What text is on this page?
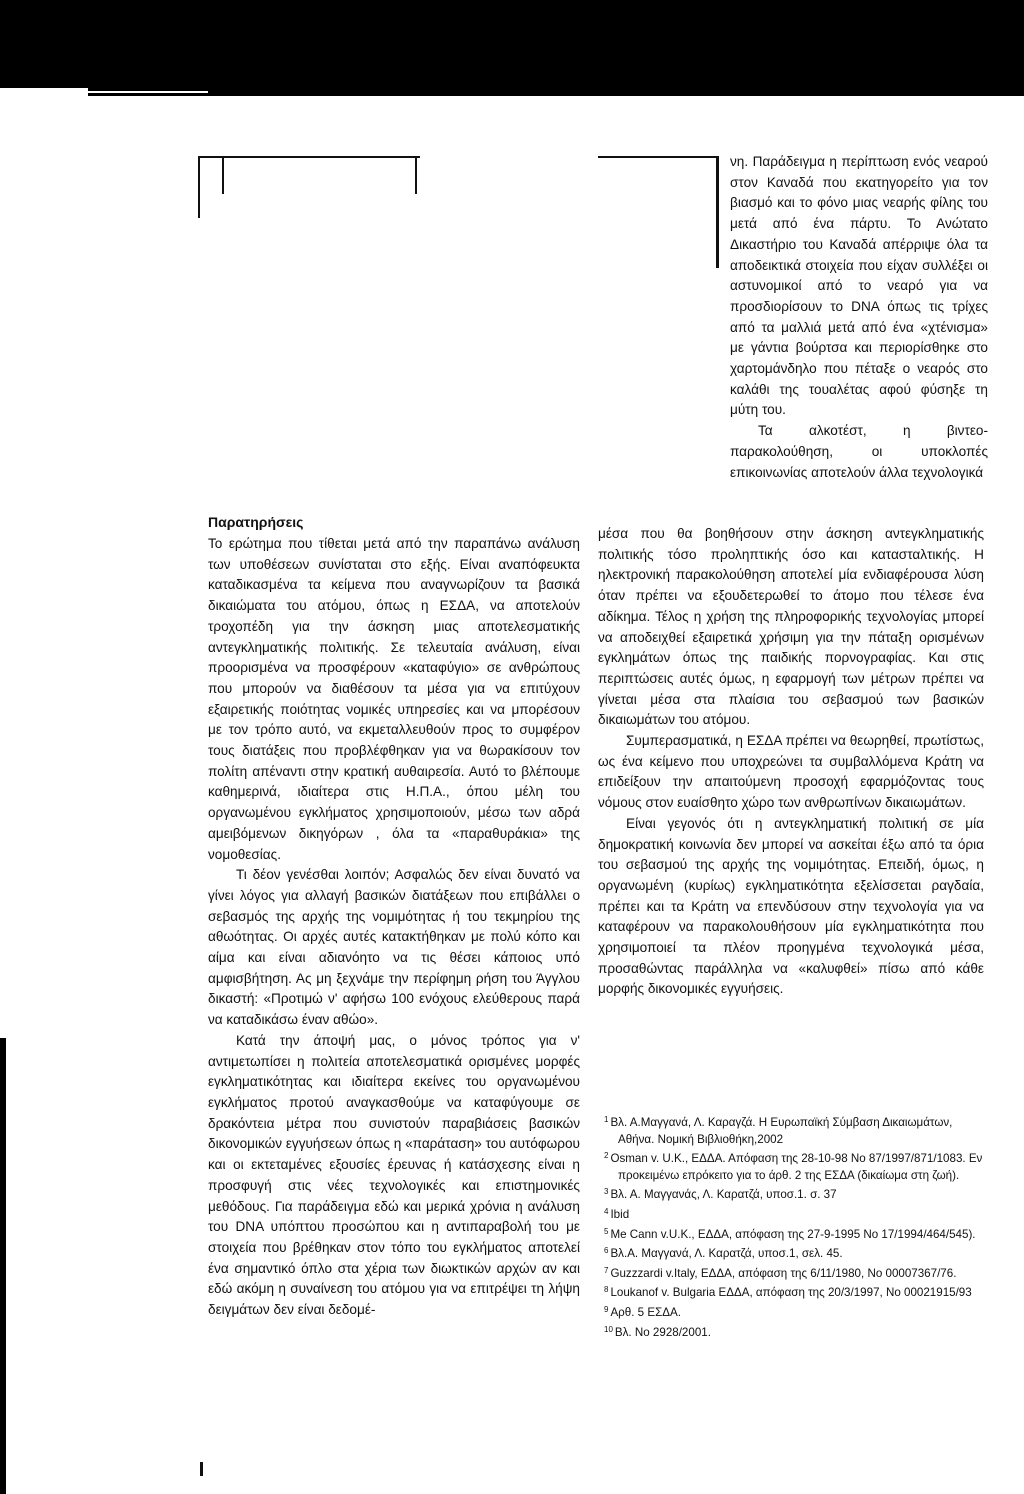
Παρατηρήσεις

Το ερώτημα που τίθεται μετά από την παραπάνω ανάλυση των υποθέσεων συνίσταται στο εξής. Είναι αναπόφευκτα καταδικασμένα τα κείμενα που αναγνωρίζουν τα βασικά δικαιώματα του ατόμου, όπως η ΕΣΔΑ, να αποτελούν τροχοπέδη για την άσκηση μιας αποτελεσματικής αντεγκληματικής πολιτικής. Σε τελευταία ανάλυση, είναι προορισμένα να προσφέρουν «καταφύγιο» σε ανθρώπους που μπορούν να διαθέσουν τα μέσα για να επιτύχουν εξαιρετικής ποιότητας νομικές υπηρεσίες και να μπορέσουν με τον τρόπο αυτό, να εκμεταλλευθούν προς το συμφέρον τους διατάξεις που προβλέφθηκαν για να θωρακίσουν τον πολίτη απέναντι στην κρατική αυθαιρεσία. Αυτό το βλέπουμε καθημερινά, ιδιαίτερα στις Η.Π.Α., όπου μέλη του οργανωμένου εγκλήματος χρησιμοποιούν, μέσω των αδρά αμειβόμενων δικηγόρων , όλα τα «παραθυράκια» της νομοθεσίας.

Τι δέον γενέσθαι λοιπόν; Ασφαλώς δεν είναι δυνατό να γίνει λόγος για αλλαγή βασικών διατάξεων που επιβάλλει ο σεβασμός της αρχής της νομιμότητας ή του τεκμηρίου της αθωότητας. Οι αρχές αυτές κατακτήθηκαν με πολύ κόπο και αίμα και είναι αδιανόητο να τις θέσει κάποιος υπό αμφισβήτηση. Ας μη ξεχνάμε την περίφημη ρήση του Άγγλου δικαστή: «Προτιμώ ν' αφήσω 100 ενόχους ελεύθερους παρά να καταδικάσω έναν αθώο».

Κατά την άποψή μας, ο μόνος τρόπος για ν' αντιμετωπίσει η πολιτεία αποτελεσματικά ορισμένες μορφές εγκληματικότητας και ιδιαίτερα εκείνες του οργανωμένου εγκλήματος προτού αναγκασθούμε να καταφύγουμε σε δρακόντεια μέτρα που συνιστούν παραβιάσεις βασικών δικονομικών εγγυήσεων όπως η «παράταση» του αυτόφωρου και οι εκτεταμένες εξουσίες έρευνας ή κατάσχεσης είναι η προσφυγή στις νέες τεχνολογικές και επιστημονικές μεθόδους. Για παράδειγμα εδώ και μερικά χρόνια η ανάλυση του DNA υπόπτου προσώπου και η αντιπαραβολή του με στοιχεία που βρέθηκαν στον τόπο του εγκλήματος αποτελεί ένα σημαντικό όπλο στα χέρια των διωκτικών αρχών αν και εδώ ακόμη η συναίνεση του ατόμου για να επιτρέψει τη λήψη δειγμάτων δεν είναι δεδομέ-

νη. Παράδειγμα η περίπτωση ενός νεαρού στον Καναδά που εκατηγορείτο για τον βιασμό και το φόνο μιας νεαρής φίλης του μετά από ένα πάρτυ. Το Ανώτατο Δικαστήριο του Καναδά απέρριψε όλα τα αποδεικτικά στοιχεία που είχαν συλλέξει οι αστυνομικοί από το νεαρό για να προσδιορίσουν το DNA όπως τις τρίχες από τα μαλλιά μετά από ένα «χτένισμα» με γάντια βούρτσα και περιορίσθηκε στο χαρτομάνδηλο που πέταξε ο νεαρός στο καλάθι της τουαλέτας αφού φύσηξε τη μύτη του.

Τα αλκοτέστ, η βιντεο- παρακολούθηση, οι υποκλοπές επικοινωνίας αποτελούν άλλα τεχνολογικά

μέσα που θα βοηθήσουν στην άσκηση αντεγκληματικής πολιτικής τόσο προληπτικής όσο και κατασταλτικής. Η ηλεκτρονική παρακολούθηση αποτελεί μία ενδιαφέρουσα λύση όταν πρέπει να εξουδετερωθεί το άτομο που τέλεσε ένα αδίκημα. Τέλος η χρήση της πληροφορικής τεχνολογίας μπορεί να αποδειχθεί εξαιρετικά χρήσιμη για την πάταξη ορισμένων εγκλημάτων όπως της παιδικής πορνογραφίας. Και στις περιπτώσεις αυτές όμως, η εφαρμογή των μέτρων πρέπει να γίνεται μέσα στα πλαίσια του σεβασμού των βασικών δικαιωμάτων του ατόμου.

Συμπερασματικά, η ΕΣΔΑ πρέπει να θεωρηθεί, πρωτίστως, ως ένα κείμενο που υποχρεώνει τα συμβαλλόμενα Κράτη να επιδείξουν την απαιτούμενη προσοχή εφαρμόζοντας τους νόμους στον ευαίσθητο χώρο των ανθρωπίνων δικαιωμάτων.

Είναι γεγονός ότι η αντεγκληματική πολιτική σε μία δημοκρατική κοινωνία δεν μπορεί να ασκείται έξω από τα όρια του σεβασμού της αρχής της νομιμότητας. Επειδή, όμως, η οργανωμένη (κυρίως) εγκληματικότητα εξελίσσεται ραγδαία, πρέπει και τα Κράτη να επενδύσουν στην τεχνολογία για να καταφέρουν να παρακολουθήσουν μία εγκληματικότητα που χρησιμοποιεί τα πλέον προηγμένα τεχνολογικά μέσα, προσαθώντας παράλληλα να «καλυφθεί» πίσω από κάθε μορφής δικονομικές εγγυήσεις.

$^1$ Βλ. Α.Μαγγανά, Λ. Καραγζά. Η Ευρωπαϊκή Σύμβαση Δικαιωμάτων, Αθήνα. Νομική Βιβλιοθήκη,2002

$^2$ Osman v. U.K., ΕΔΔΑ. Απόφαση της 28-10-98 Νο 87/1997/871/1083. Εν προκειμένω επρόκειτο για το άρθ. 2 της ΕΣΔΑ (δικαίωμα στη ζωή).

$^3$ Βλ. Α. Μαγγανάς, Λ. Καρατζά, υποσ.1. σ. 37

$^4$ Ibid

$^5$ Me Cann v.U.K., ΕΔΔΑ, απόφαση της 27-9-1995 Νο 17/1994/464/545).

$^6$ Βλ.Α. Μαγγανά, Λ. Καρατζά, υποσ.1, σελ. 45.

$^7$ Guzzzardi v.Italy, ΕΔΔΑ, απόφαση της 6/11/1980, Νο 00007367/76.

$^8$ Loukanof v. Bulgaria ΕΔΔΑ, απόφαση της 20/3/1997, Νο 00021915/93

$^9$ Αρθ. 5 ΕΣΔΑ.

$^{10}$ Βλ. Νο 2928/2001.
